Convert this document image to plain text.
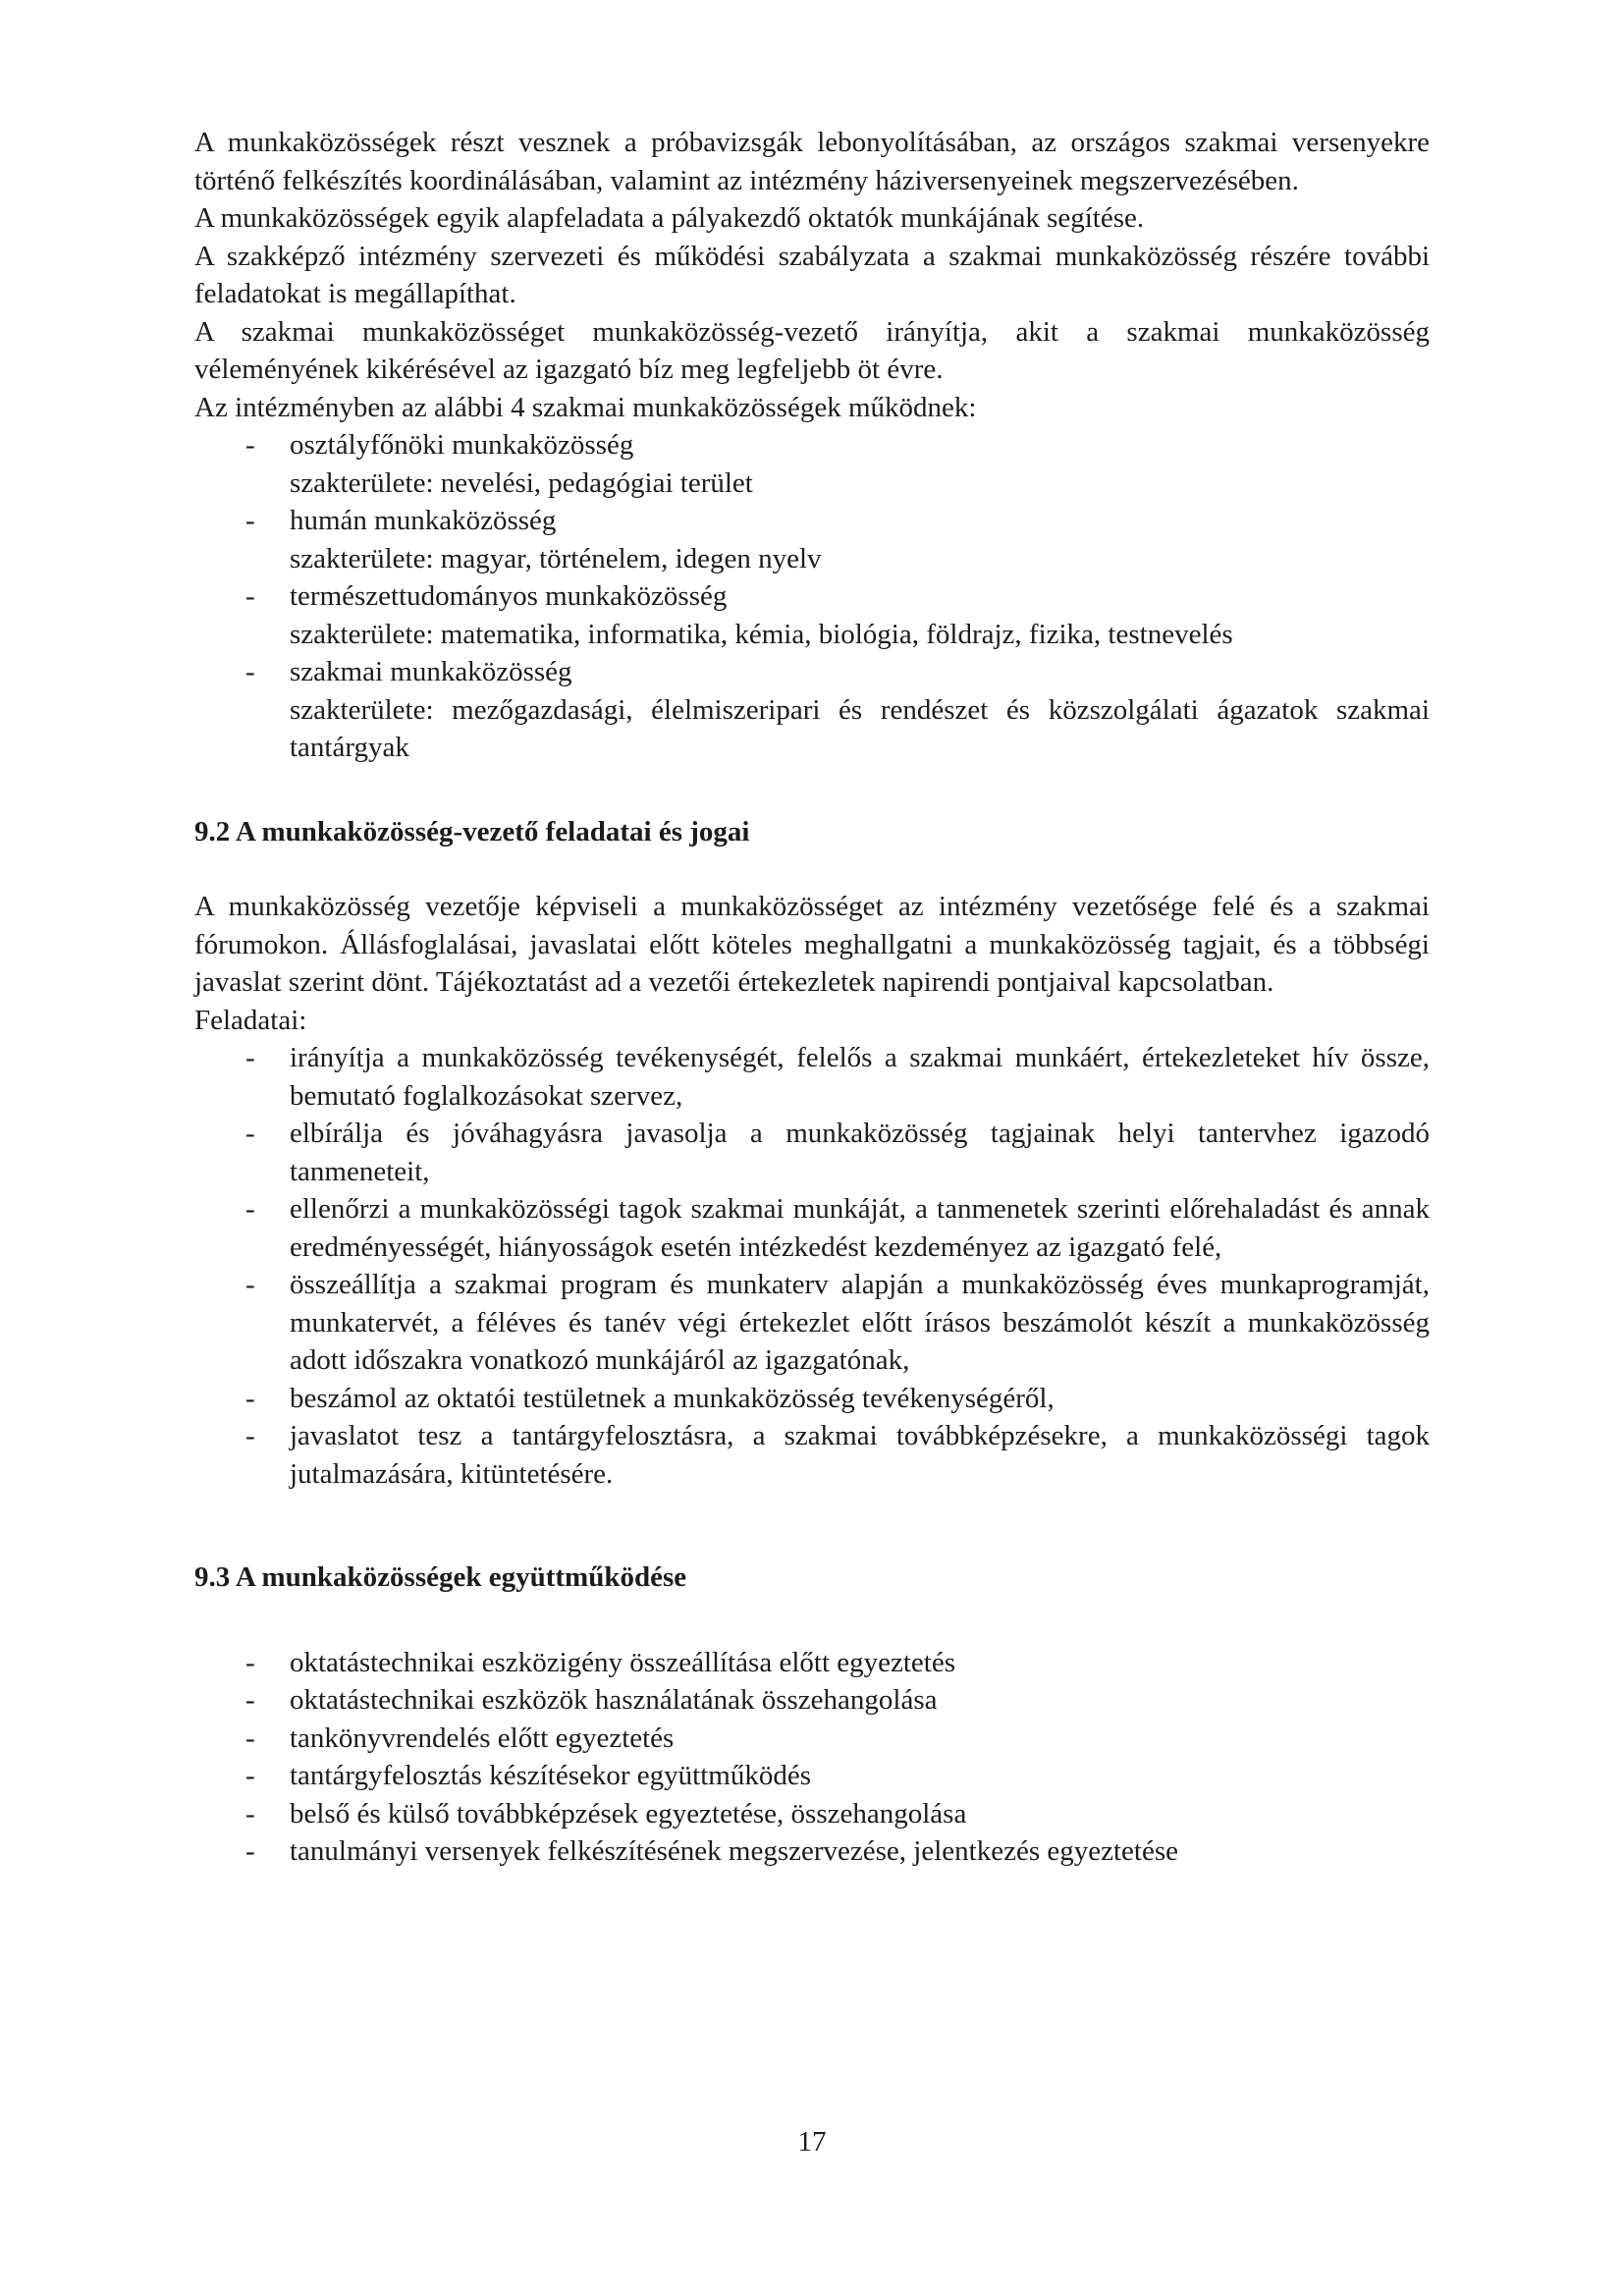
A munkaközösségek részt vesznek a próbavizsgák lebonyolításában, az országos szakmai versenyekre történő felkészítés koordinálásában, valamint az intézmény háziversenyeinek megszervezésében.

A munkaközösségek egyik alapfeladata a pályakezdő oktatók munkájának segítése.

A szakképző intézmény szervezeti és működési szabályzata a szakmai munkaközösség részére további feladatokat is megállapíthat.

A szakmai munkaközösséget munkaközösség-vezető irányítja, akit a szakmai munkaközösség véleményének kikérésével az igazgató bíz meg legfeljebb öt évre.

Az intézményben az alábbi 4 szakmai munkaközösségek működnek:

- osztályfőnöki munkaközösség
szakterülete: nevelési, pedagógiai terület
- humán munkaközösség
szakterülete: magyar, történelem, idegen nyelv
- természettudományos munkaközösség
szakterülete: matematika, informatika, kémia, biológia, földrajz, fizika, testnevelés
- szakmai munkaközösség
szakterülete: mezőgazdasági, élelmiszeripari és rendészet és közszolgálati ágazatok szakmai tantárgyak

9.2 A munkaközösség-vezető feladatai és jogai

A munkaközösség vezetője képviseli a munkaközösséget az intézmény vezetősége felé és a szakmai fórumokon. Állásfoglalásai, javaslatai előtt köteles meghallgatni a munkaközösség tagjait, és a többségi javaslat szerint dönt. Tájékoztatást ad a vezetői értekezletek napirendi pontjaival kapcsolatban.

Feladatai:

- irányítja a munkaközösség tevékenységét, felelős a szakmai munkáért, értekezleteket hív össze, bemutató foglalkozásokat szervez,
- elbírálja és jóváhagyásra javasolja a munkaközösség tagjainak helyi tantervhez igazodó tanmeneteit,
- ellenőrzi a munkaközösségi tagok szakmai munkáját, a tanmenetek szerinti előrehaladást és annak eredményességét, hiányosságok esetén intézkedést kezdeményez az igazgató felé,
- összeállítja a szakmai program és munkaterv alapján a munkaközösség éves munkaprogramját, munkatervét, a féléves és tanév végi értekezlet előtt írásos beszámolót készít a munkaközösség adott időszakra vonatkozó munkájáról az igazgatónak,
- beszámol az oktatói testületnek a munkaközösség tevékenységéről,
- javaslatot tesz a tantárgyfelosztásra, a szakmai továbbképzésekre, a munkaközösségi tagok jutalmazására, kitüntetésére.

9.3 A munkaközösségek együttműködése

- oktatástechnikai eszközigény összeállítása előtt egyeztetés
- oktatástechnikai eszközök használatának összehangolása
- tankönyvrendelés előtt egyeztetés
- tantárgyfelosztás készítésekor együttműködés
- belső és külső továbbképzések egyeztetése, összehangolása
- tanulmányi versenyek felkészítésének megszervezése, jelentkezés egyeztetése
17
